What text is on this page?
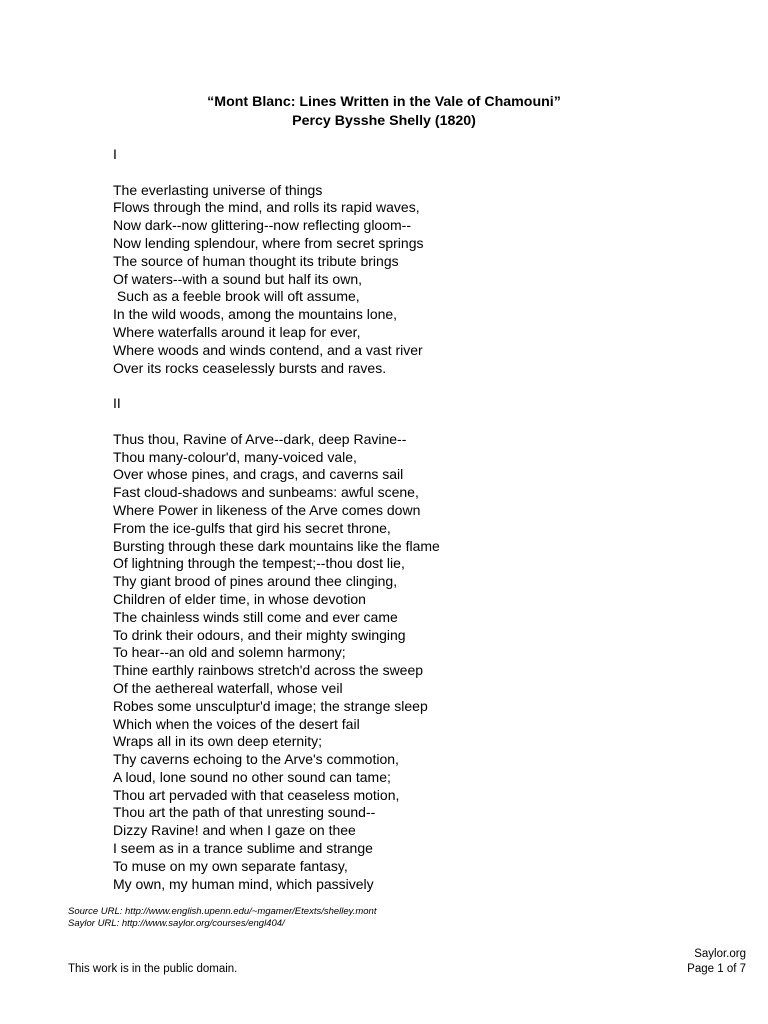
“Mont Blanc: Lines Written in the Vale of Chamouni”
Percy Bysshe Shelly (1820)
I
The everlasting universe of things
Flows through the mind, and rolls its rapid waves,
Now dark--now glittering--now reflecting gloom--
Now lending splendour, where from secret springs
The source of human thought its tribute brings
Of waters--with a sound but half its own,
Such as a feeble brook will oft assume,
In the wild woods, among the mountains lone,
Where waterfalls around it leap for ever,
Where woods and winds contend, and a vast river
Over its rocks ceaselessly bursts and raves.
II
Thus thou, Ravine of Arve--dark, deep Ravine--
Thou many-colour'd, many-voiced vale,
Over whose pines, and crags, and caverns sail
Fast cloud-shadows and sunbeams: awful scene,
Where Power in likeness of the Arve comes down
From the ice-gulfs that gird his secret throne,
Bursting through these dark mountains like the flame
Of lightning through the tempest;--thou dost lie,
Thy giant brood of pines around thee clinging,
Children of elder time, in whose devotion
The chainless winds still come and ever came
To drink their odours, and their mighty swinging
To hear--an old and solemn harmony;
Thine earthly rainbows stretch'd across the sweep
Of the aethereal waterfall, whose veil
Robes some unsculptur'd image; the strange sleep
Which when the voices of the desert fail
Wraps all in its own deep eternity;
Thy caverns echoing to the Arve's commotion,
A loud, lone sound no other sound can tame;
Thou art pervaded with that ceaseless motion,
Thou art the path of that unresting sound--
Dizzy Ravine! and when I gaze on thee
I seem as in a trance sublime and strange
To muse on my own separate fantasy,
My own, my human mind, which passively
Source URL: http://www.english.upenn.edu/~mgamer/Etexts/shelley.mont
Saylor URL: http://www.saylor.org/courses/engl404/
This work is in the public domain.
Saylor.org
Page 1 of 7
